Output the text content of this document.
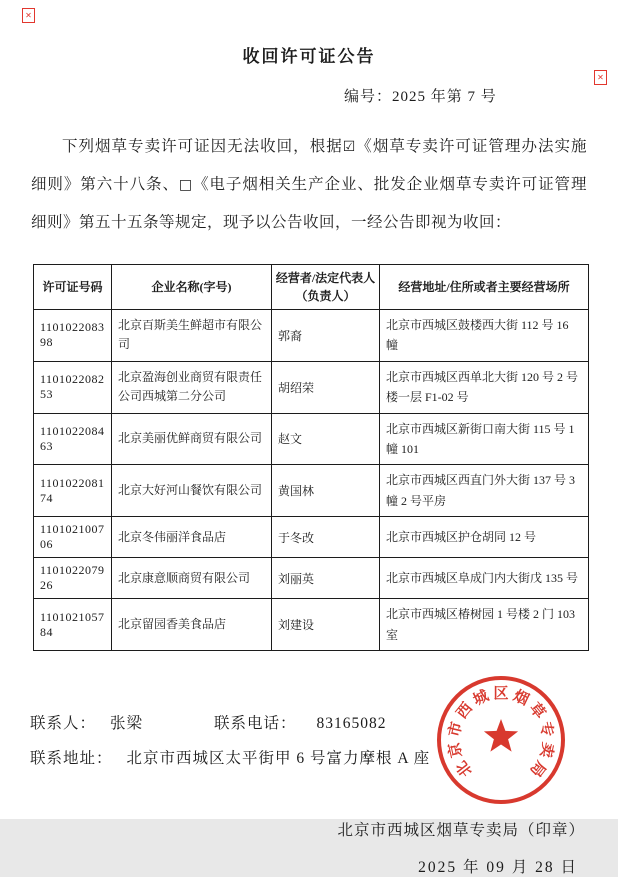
✕
收回许可证公告
编号：2025 年第 7 号
✕

下列烟草专卖许可证因无法收回，根据☑《烟草专卖许可证管理办法实施细则》第六十八条、□《电子烟相关生产企业、批发企业烟草专卖许可证管理细则》第五十五条等规定，现予以公告收回，一经公告即视为收回：

许可证号码	企业名称(字号)	经营者/法定代表人
（负责人）	经营地址/住所或者主要经营场所
110102208398	北京百斯美生鲜超市有限公司	郭裔	北京市西城区鼓楼西大街 112 号 16 幢
110102208253	北京盈海创业商贸有限责任公司西城第二分公司	胡绍荣	北京市西城区西单北大街 120 号 2 号楼一层 F1-02 号
110102208463	北京美丽优鲜商贸有限公司	赵文	北京市西城区新街口南大街 115 号 1 幢 101
110102208174	北京大好河山餐饮有限公司	黄国林	北京市西城区西直门外大街 137 号 3 幢 2 号平房
110102100706	北京冬伟丽洋食品店	于冬改	北京市西城区护仓胡同 12 号
110102207926	北京康意顺商贸有限公司	刘丽英	北京市西城区阜成门内大街戊 135 号
110102105784	北京留园香美食品店	刘建设	北京市西城区椿树园 1 号楼 2 门 103 室
联系人： 张梁	联系电话： 83165082
联系地址： 北京市西城区太平街甲 6 号富力摩根 A 座
北京市西城区烟草专卖局（印章）
2025 年 09 月 28 日
北
京
市
西
城 区 烟
草
专
卖
局
